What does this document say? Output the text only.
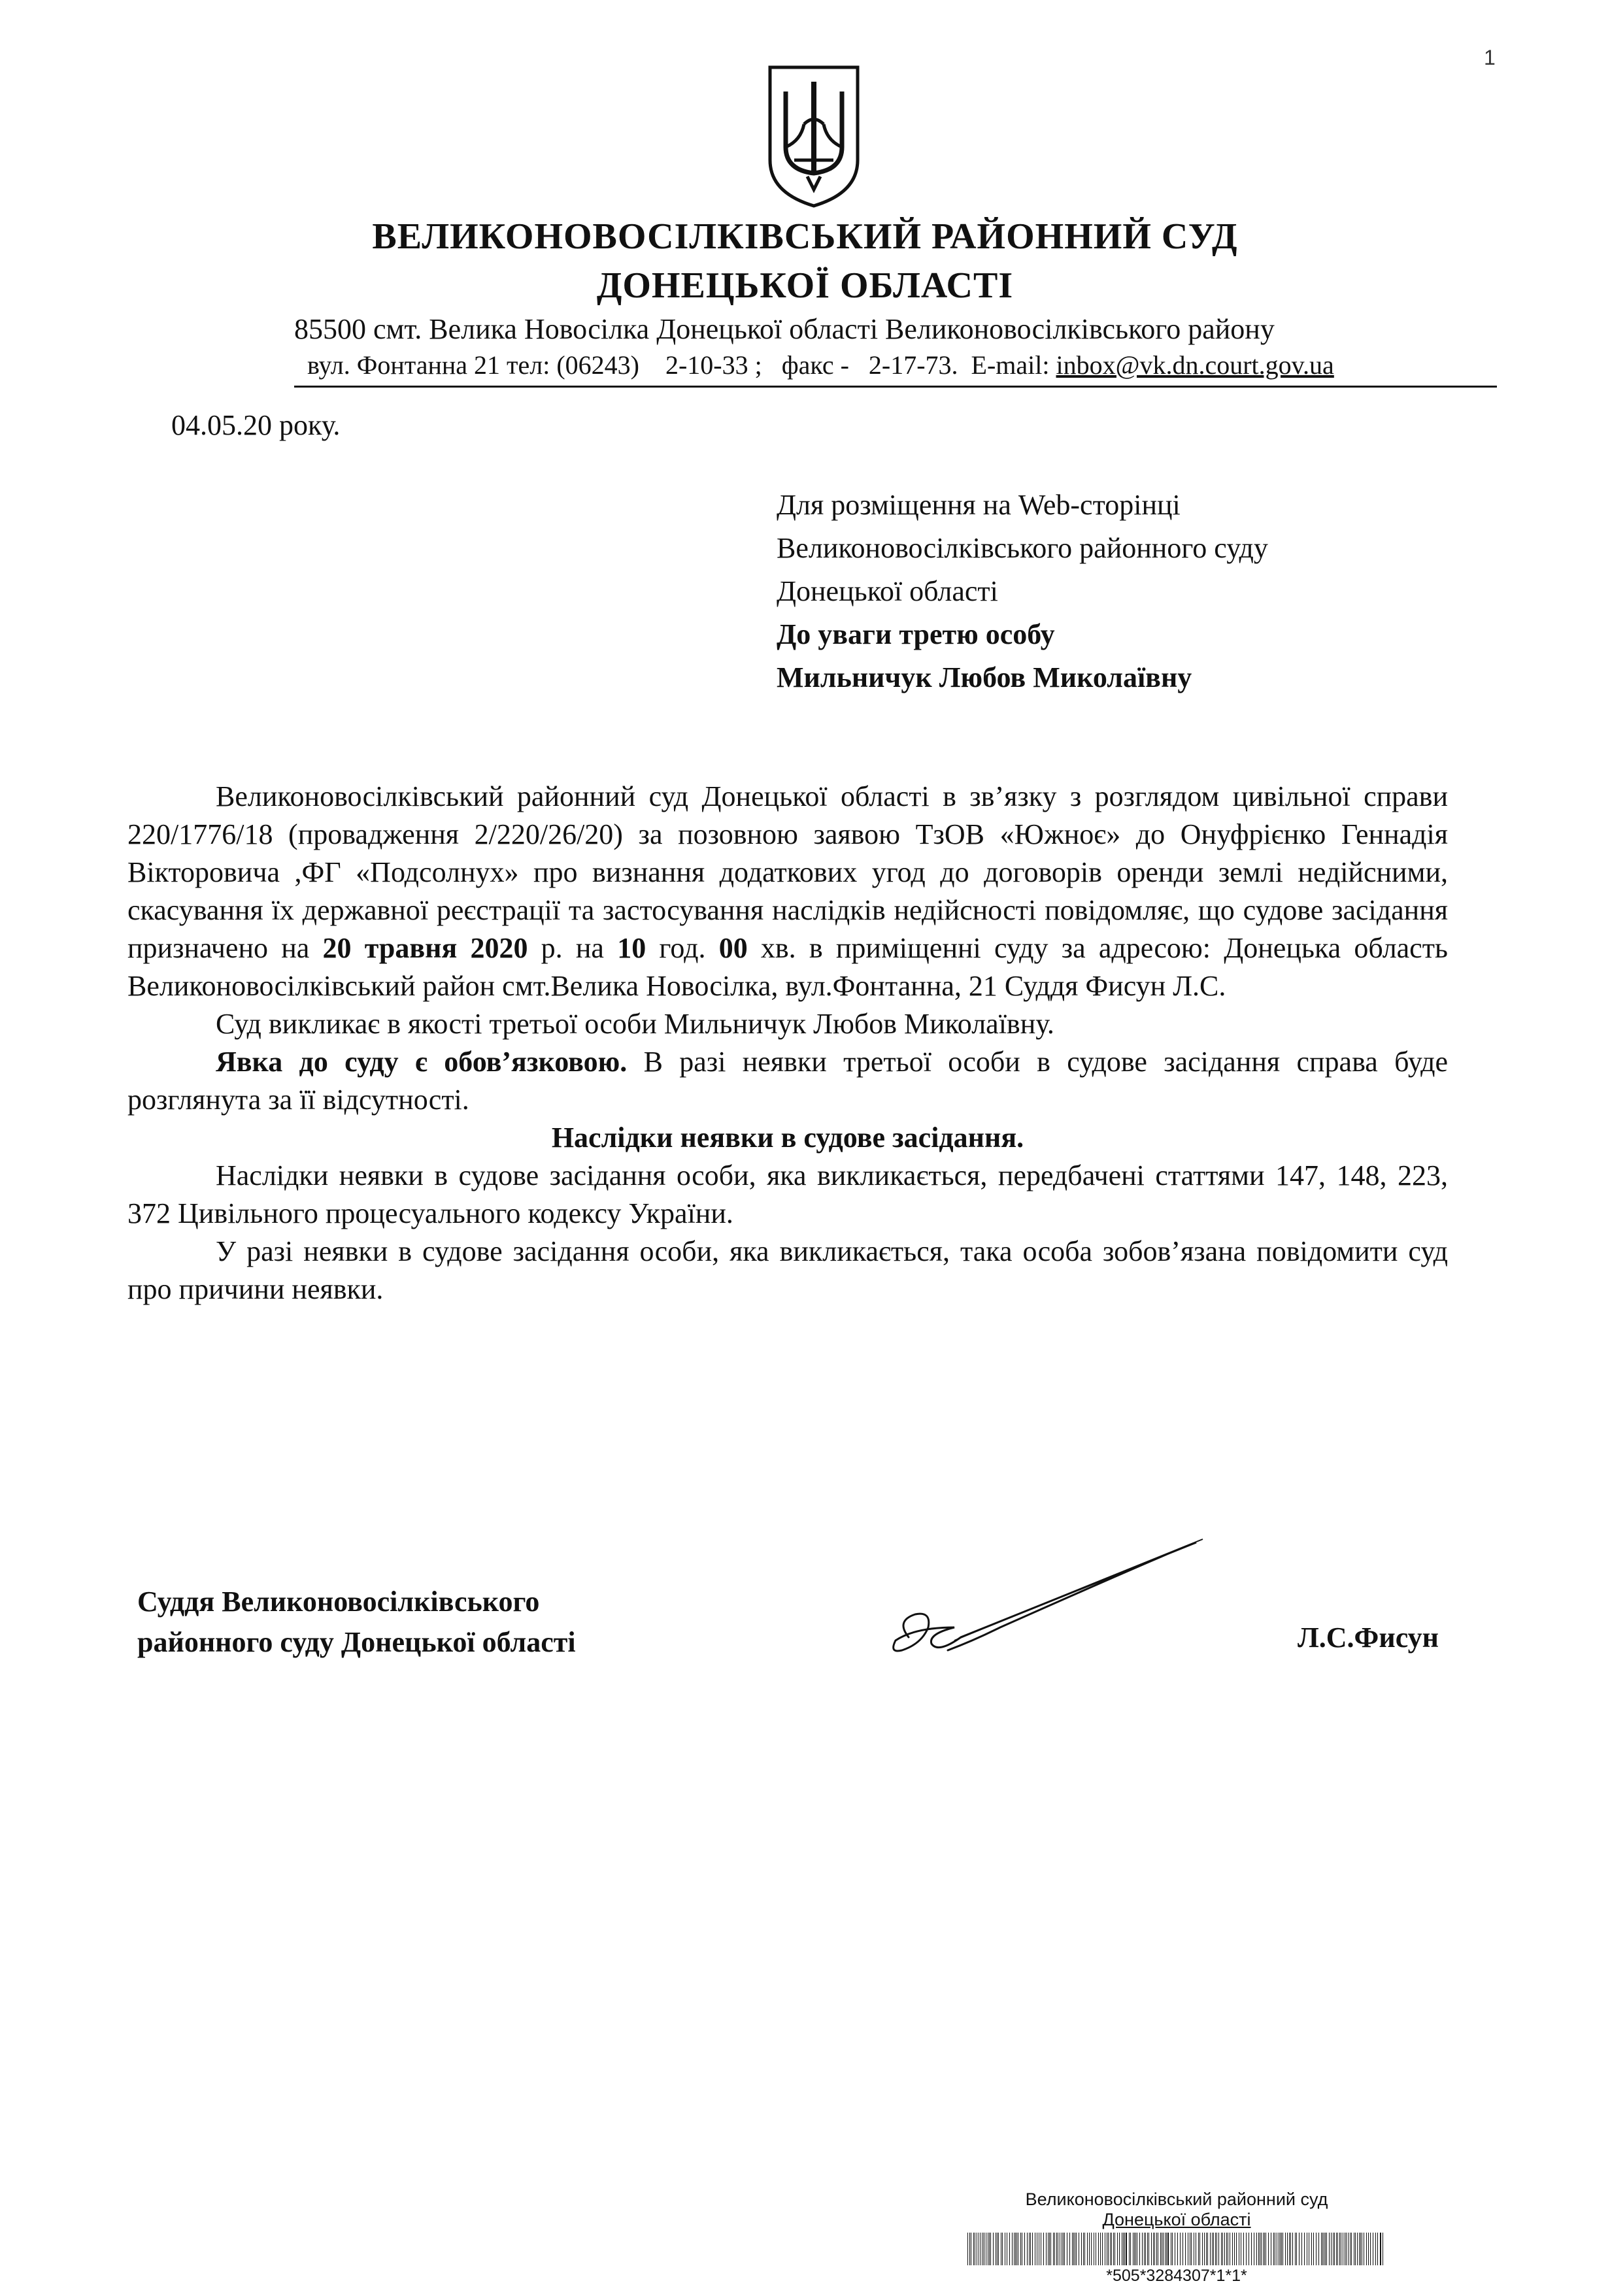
1
ВЕЛИКОНОВОСІЛКІВСЬКИЙ РАЙОННИЙ СУД
ДОНЕЦЬКОЇ ОБЛАСТІ
85500 смт. Велика Новосілка Донецької області Великоновосілківського району
вул. Фонтанна 21 тел: (06243)    2-10-33 ;   факс -   2-17-73.  E-mail: inbox@vk.dn.court.gov.ua
04.05.20 року.
Для розміщення на Web-сторінці
Великоновосілківського районного суду
Донецької області
До уваги третю особу
Мильничук Любов Миколаївну

Великоновосілківський районний суд Донецької області в зв’язку з розглядом цивільної справи 220/1776/18 (провадження 2/220/26/20) за позовною заявою ТзОВ «Южноє» до Онуфрієнко Геннадія Вікторовича ,ФГ «Подсолнух» про визнання додаткових угод до договорів оренди землі недійсними, скасування їх державної реєстрації та застосування наслідків недійсності повідомляє, що судове засідання призначено на 20 травня 2020 р. на 10 год. 00 хв. в приміщенні суду за адресою: Донецька область Великоновосілківський район смт.Велика Новосілка, вул.Фонтанна, 21 Суддя Фисун Л.С.

Суд викликає в якості третьої особи Мильничук Любов Миколаївну.

Явка до суду є обов’язковою. В разі неявки третьої особи в судове засідання справа буде розглянута за її відсутності.

Наслідки неявки в судове засідання.

Наслідки неявки в судове засідання особи, яка викликається, передбачені статтями 147, 148, 223, 372 Цивільного процесуального кодексу України.

У разі неявки в судове засідання особи, яка викликається, така особа зобов’язана повідомити суд про причини неявки.

Суддя Великоновосілківського
районного суду Донецької області	Л.С.Фисун
Великоновосілківський районний суд
Донецької області
*505*3284307*1*1*
